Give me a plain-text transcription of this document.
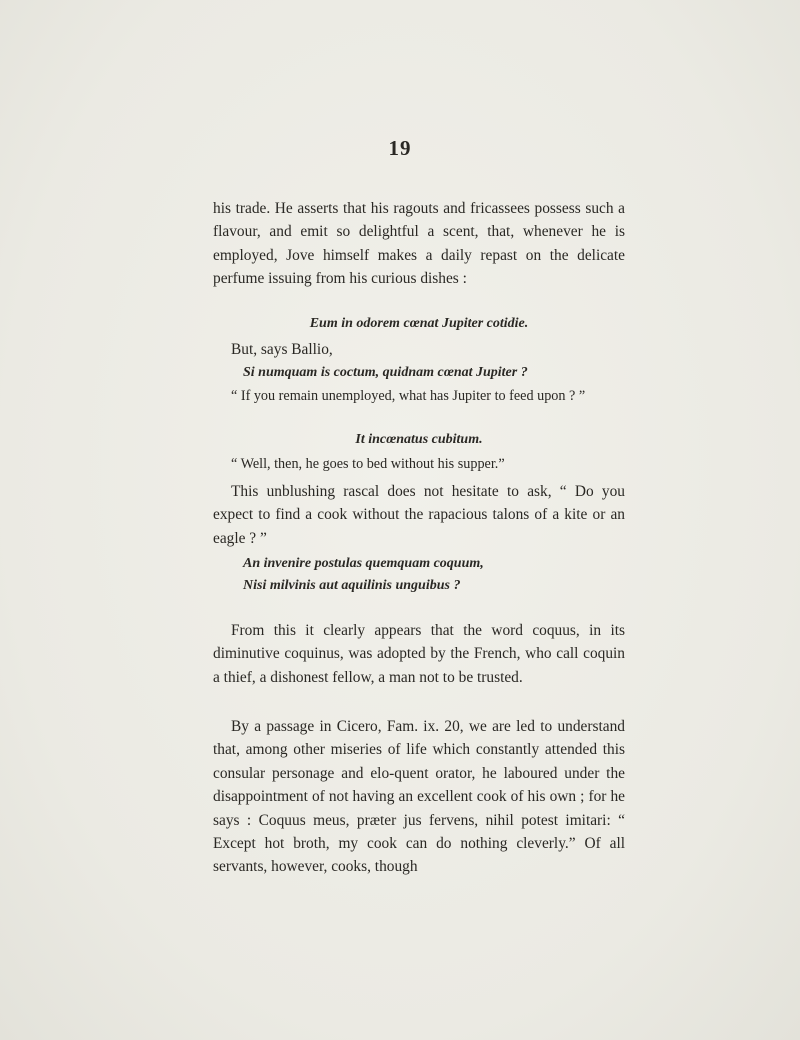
19

his trade. He asserts that his ragouts and fricassees possess such a flavour, and emit so delightful a scent, that, whenever he is employed, Jove himself makes a daily repast on the delicate perfume issuing from his curious dishes :

Eum in odorem cœnat Jupiter cotidie.

But, says Ballio,

Si numquam is coctum, quidnam cœnat Jupiter ?

“ If you remain unemployed, what has Jupiter to feed upon ? ”

It incœnatus cubitum.

“ Well, then, he goes to bed without his supper.”

This unblushing rascal does not hesitate to ask, “ Do you expect to find a cook without the rapacious talons of a kite or an eagle ? ”

An invenire postulas quemquam coquum,
Nisi milvinis aut aquilinis unguibus ?

From this it clearly appears that the word coquus, in its diminutive coquinus, was adopted by the French, who call coquin a thief, a dishonest fellow, a man not to be trusted.

By a passage in Cicero, Fam. ix. 20, we are led to understand that, among other miseries of life which constantly attended this consular personage and elo-quent orator, he laboured under the disappointment of not having an excellent cook of his own ; for he says : Coquus meus, præter jus fervens, nihil potest imitari: “ Except hot broth, my cook can do nothing cleverly.” Of all servants, however, cooks, though
